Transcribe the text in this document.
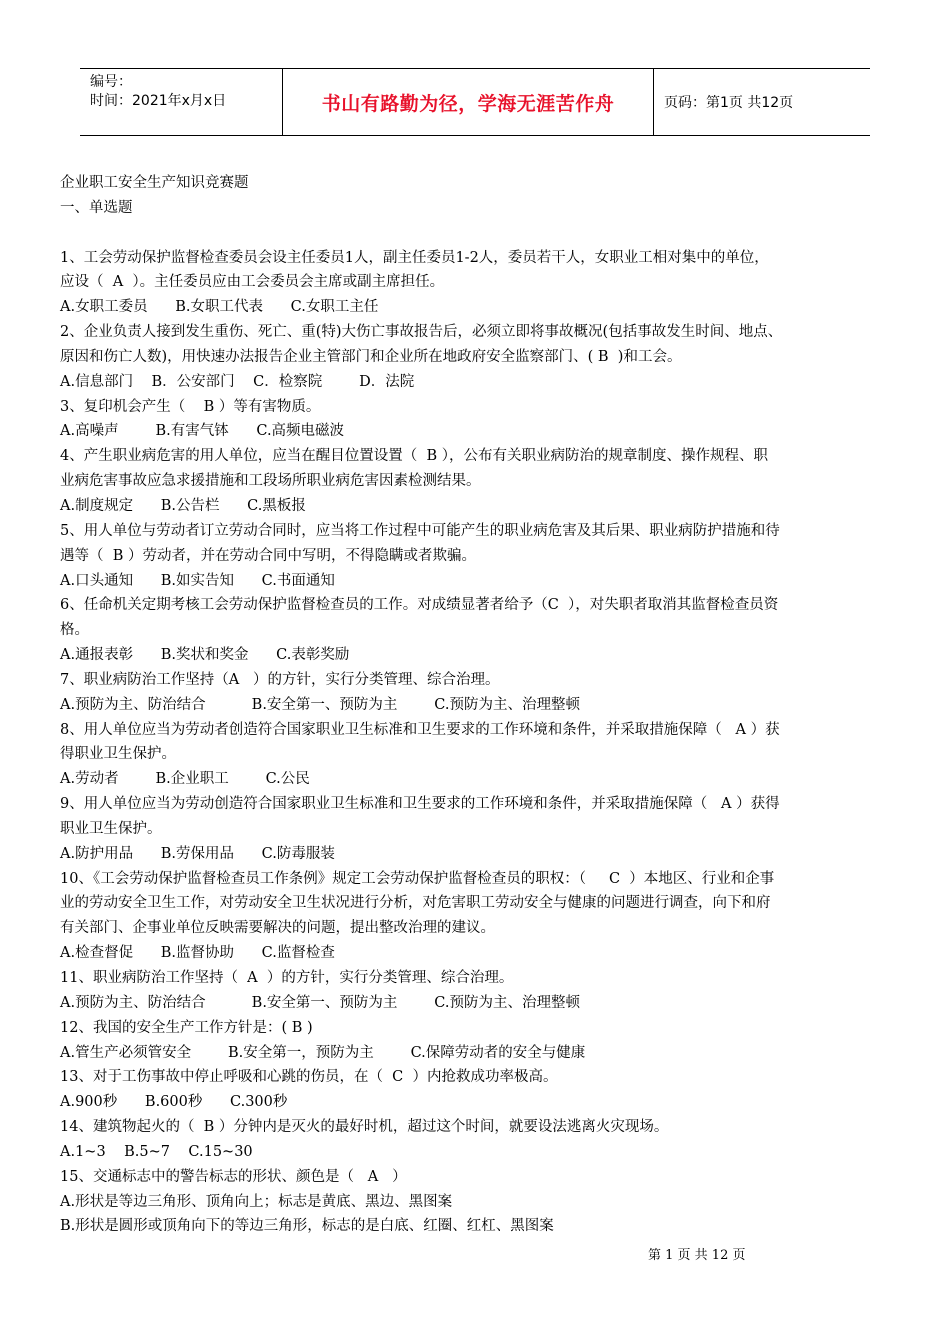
编号：
时间：2021年x月x日	书山有路勤为径，学海无涯苦作舟	页码：第1页 共12页
企业职工安全生产知识竞赛题
一、单选题
1、工会劳动保护监督检查委员会设主任委员1人，副主任委员1-2人，委员若干人，女职业工相对集中的单位，
应设（  A  ）。主任委员应由工会委员会主席或副主席担任。
A.女职工委员      B.女职工代表      C.女职工主任
2、企业负责人接到发生重伤、死亡、重(特)大伤亡事故报告后，必须立即将事故概况(包括事故发生时间、地点、
原因和伤亡人数)，用快速办法报告企业主管部门和企业所在地政府安全监察部门、( B  )和工会。
A.信息部门    B．公安部门    C．检察院        D．法院
3、复印机会产生（    B ）等有害物质。
A.高噪声        B.有害气钵      C.高频电磁波
4、产生职业病危害的用人单位，应当在醒目位置设置（  B ），公布有关职业病防治的规章制度、操作规程、职
业病危害事故应急求援措施和工段场所职业病危害因素检测结果。
A.制度规定      B.公告栏      C.黑板报
5、用人单位与劳动者订立劳动合同时，应当将工作过程中可能产生的职业病危害及其后果、职业病防护措施和待
遇等（  B ）劳动者，并在劳动合同中写明，不得隐瞒或者欺骗。
A.口头通知      B.如实告知      C.书面通知
6、任命机关定期考核工会劳动保护监督检查员的工作。对成绩显著者给予（C  ），对失职者取消其监督检查员资
格。
A.通报表彰      B.奖状和奖金      C.表彰奖励
7、职业病防治工作坚持（A   ）的方针，实行分类管理、综合治理。
A.预防为主、防治结合          B.安全第一、预防为主        C.预防为主、治理整顿
8、用人单位应当为劳动者创造符合国家职业卫生标准和卫生要求的工作环境和条件，并采取措施保障（   A ）获
得职业卫生保护。
A.劳动者        B.企业职工        C.公民
9、用人单位应当为劳动创造符合国家职业卫生标准和卫生要求的工作环境和条件，并采取措施保障（   A ）获得
职业卫生保护。
A.防护用品      B.劳保用品      C.防毒服装
10、《工会劳动保护监督检查员工作条例》规定工会劳动保护监督检查员的职权：（     C  ）本地区、行业和企事
业的劳动安全卫生工作，对劳动安全卫生状况进行分析，对危害职工劳动安全与健康的问题进行调查，向下和府
有关部门、企事业单位反映需要解决的问题，提出整改治理的建议。
A.检查督促      B.监督协助      C.监督检查
11、职业病防治工作坚持（  A  ）的方针，实行分类管理、综合治理。
A.预防为主、防治结合          B.安全第一、预防为主        C.预防为主、治理整顿
12、我国的安全生产工作方针是：( B )
A.管生产必须管安全        B.安全第一，预防为主        C.保障劳动者的安全与健康
13、对于工伤事故中停止呼吸和心跳的伤员，在（  C  ）内抢救成功率极高。
A.900秒      B.600秒      C.300秒
14、建筑物起火的（  B ）分钟内是灭火的最好时机，超过这个时间，就要设法逃离火灾现场。
A.1~3    B.5~7    C.15~30
15、交通标志中的警告标志的形状、颜色是（   A   ）
A.形状是等边三角形、顶角向上；标志是黄底、黑边、黑图案
B.形状是圆形或顶角向下的等边三角形，标志的是白底、红圈、红杠、黑图案
第 1 页 共 12 页
